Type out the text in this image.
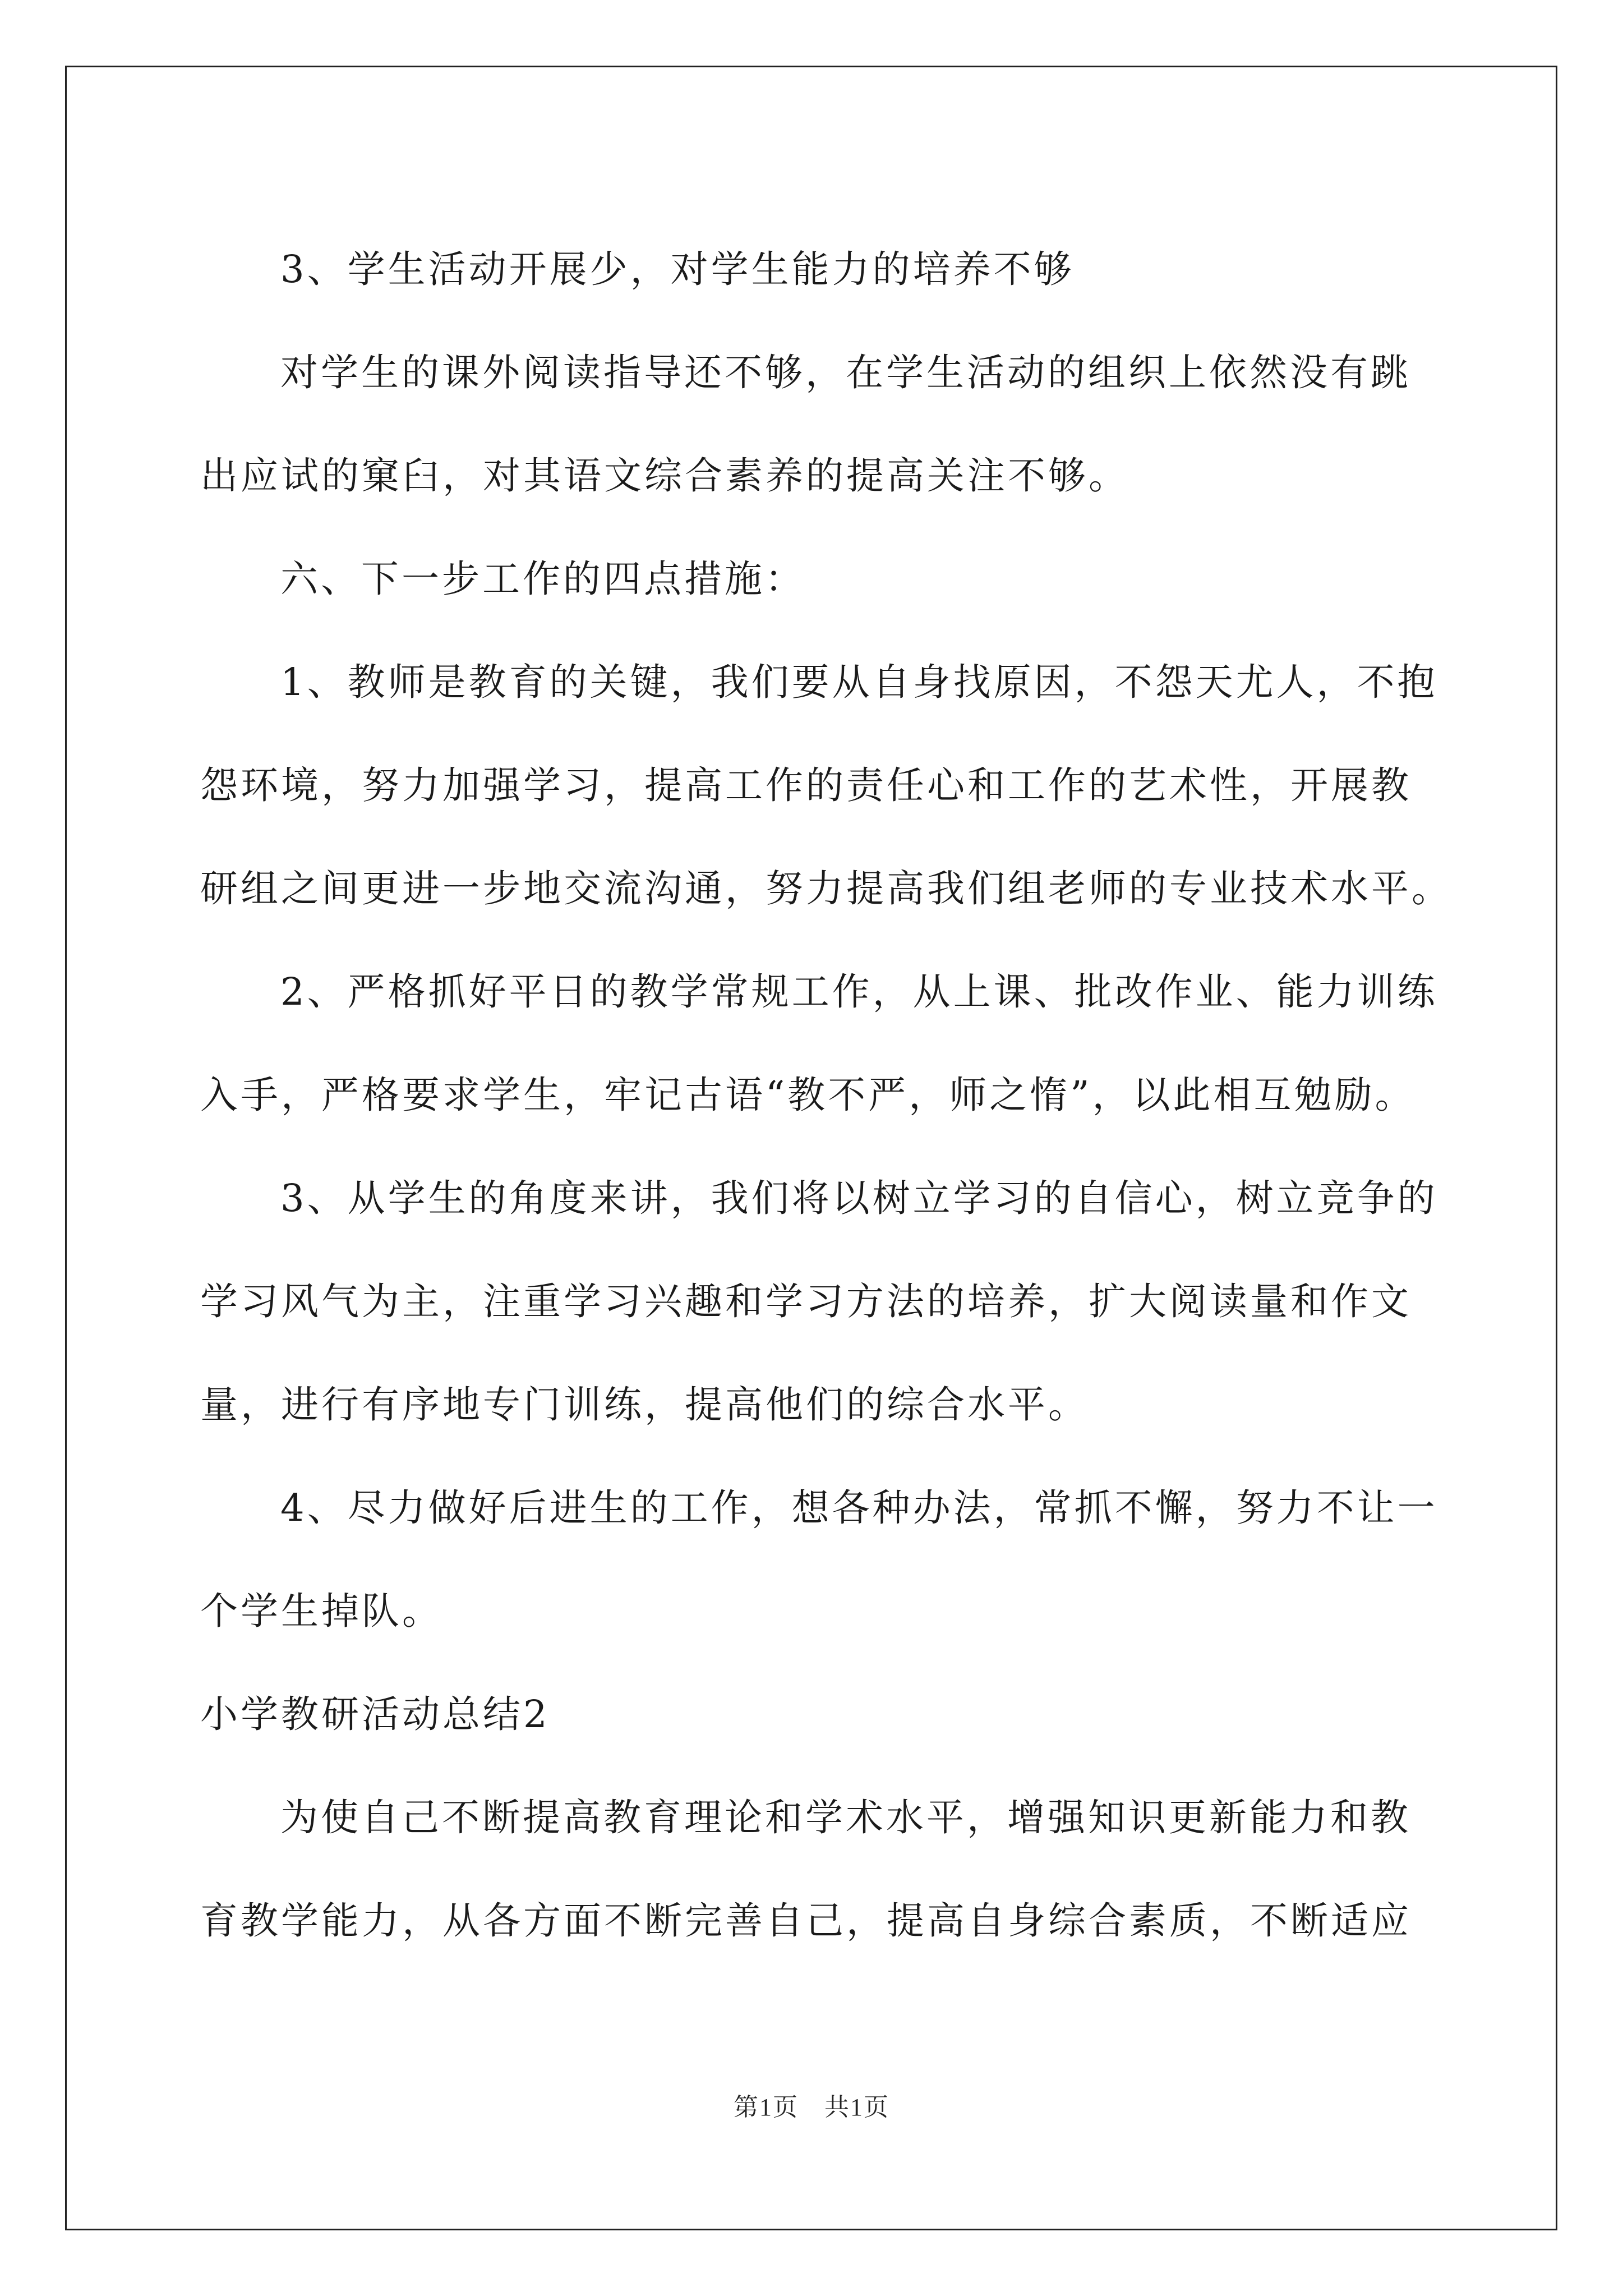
3、学生活动开展少，对学生能力的培养不够
对学生的课外阅读指导还不够，在学生活动的组织上依然没有跳
出应试的窠臼，对其语文综合素养的提高关注不够。
六、下一步工作的四点措施：
1、教师是教育的关键，我们要从自身找原因，不怨天尤人，不抱
怨环境，努力加强学习，提高工作的责任心和工作的艺术性，开展教
研组之间更进一步地交流沟通，努力提高我们组老师的专业技术水平。
2、严格抓好平日的教学常规工作，从上课、批改作业、能力训练
入手，严格要求学生，牢记古语“教不严，师之惰”，以此相互勉励。
3、从学生的角度来讲，我们将以树立学习的自信心，树立竞争的
学习风气为主，注重学习兴趣和学习方法的培养，扩大阅读量和作文
量，进行有序地专门训练，提高他们的综合水平。
4、尽力做好后进生的工作，想各种办法，常抓不懈，努力不让一
个学生掉队。
小学教研活动总结2
为使自己不断提高教育理论和学术水平，增强知识更新能力和教
育教学能力，从各方面不断完善自己，提高自身综合素质，不断适应
第1页　共1页
